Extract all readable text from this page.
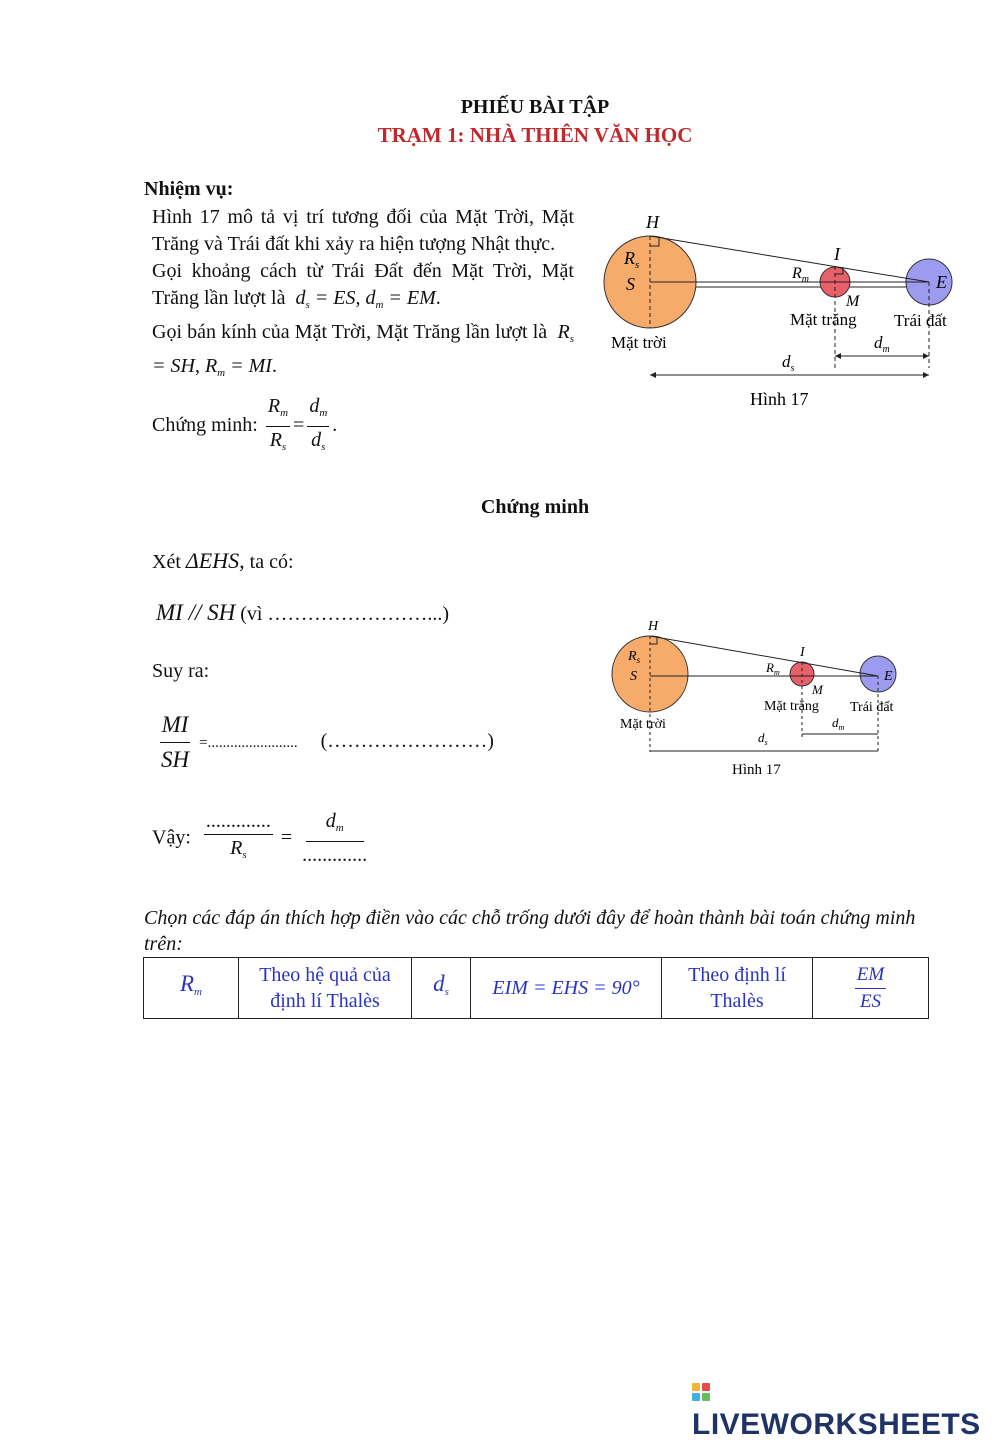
PHIẾU BÀI TẬP
TRẠM 1: NHÀ THIÊN VĂN HỌC
Nhiệm vụ:

Hình 17 mô tả vị trí tương đối của Mặt Trời, Mặt Trăng và Trái đất khi xảy ra hiện tượng Nhật thực.

Gọi khoảng cách từ Trái Đất đến Mặt Trời, Mặt Trăng lần lượt là $d_s$ = ES, $d_m$ = EM.

Gọi bán kính của Mặt Trời, Mặt Trăng lần lượt là $R_s$ = SH, $R_m$ = MI.

Chứng minh: $\frac{R_m}{R_s} = \frac{d_m}{d_s}$ .

H
I
$R_s$
S
$R_m$	E
M
Mặt trăng Trái đất
Mặt trời	$d_m$
$d_s$
Hình 17
Chứng minh
Xét ΔEHS, ta có:
MI // SH (vì ……………………...)
Suy ra:
$\frac{MI}{SH}$ =........................ (……………………)
Vậy: $\frac{.............}{R_s} = \frac{d_m}{.............}$
H
I
$R_s$
S
$R_m$	E
M
Mặt trăng Trái đất
Mặt trời	$d_m$
$d_s$
Hình 17
Chọn các đáp án thích hợp điền vào các chỗ trống dưới đây để hoàn thành bài toán chứng minh trên:
$R_m$	Theo hệ quả của định lí Thalès	$d_s$	EIM = EHS = 90°	Theo định lí Thalès	$\frac{EM}{ES}$
LIVEWORKSHEETS
